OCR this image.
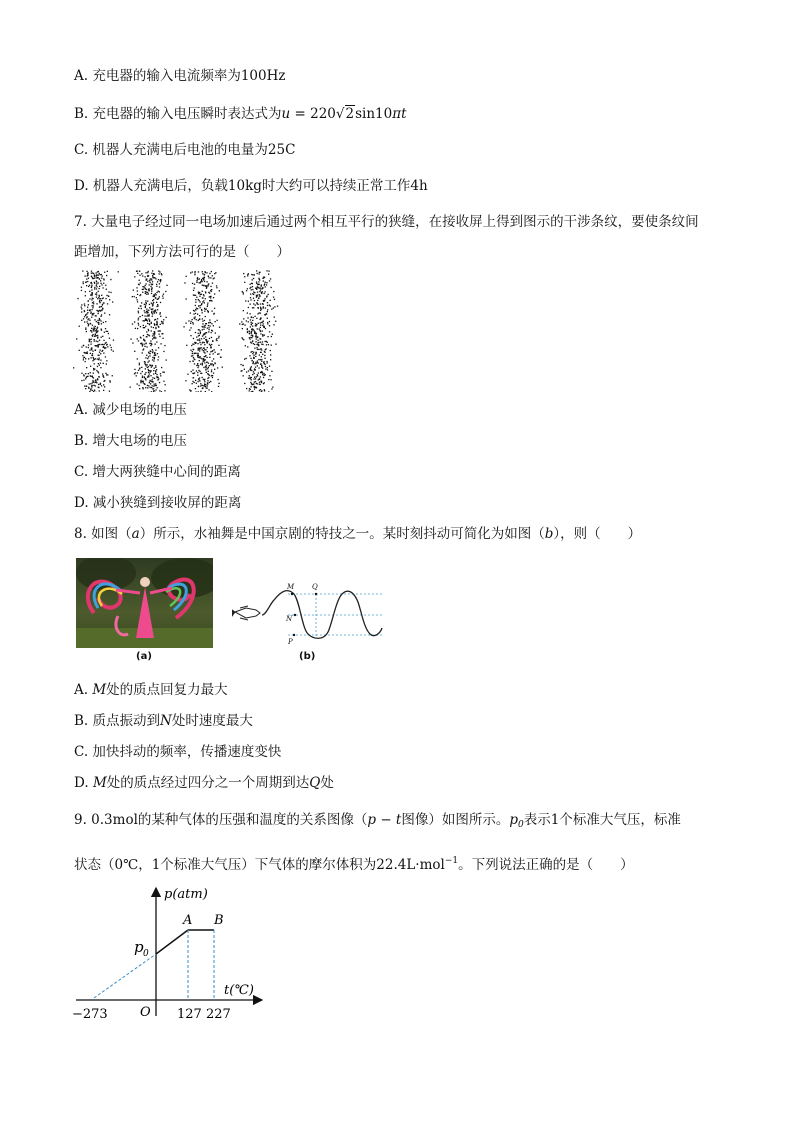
A. 充电器的输入电流频率为100Hz
B. 充电器的输入电压瞬时表达式为u = 220√2sin10πt
C. 机器人充满电后电池的电量为25C
D. 机器人充满电后，负载10kg时大约可以持续正常工作4h
7. 大量电子经过同一电场加速后通过两个相互平行的狭缝，在接收屏上得到图示的干涉条纹，要使条纹间
距增加，下列方法可行的是（　　）
A. 减少电场的电压
B. 增大电场的电压
C. 增大两狭缝中心间的距离
D. 减小狭缝到接收屏的距离
8. 如图（a）所示，水袖舞是中国京剧的特技之一。某时刻抖动可简化为如图（b），则（　　）
(a)
M	Q
N
P
(b)
A. M处的质点回复力最大
B. 质点振动到N处时速度最大
C. 加快抖动的频率，传播速度变快
D. M处的质点经过四分之一个周期到达Q处
9. 0.3mol的某种气体的压强和温度的关系图像（p − t图像）如图所示。$p_0$表示1个标准大气压，标准
状态（0℃，1个标准大气压）下气体的摩尔体积为22.4L·mol$^{-1}$。下列说法正确的是（　　）
p(atm)
t(℃)
p 0
A B
O
−273	127 227
